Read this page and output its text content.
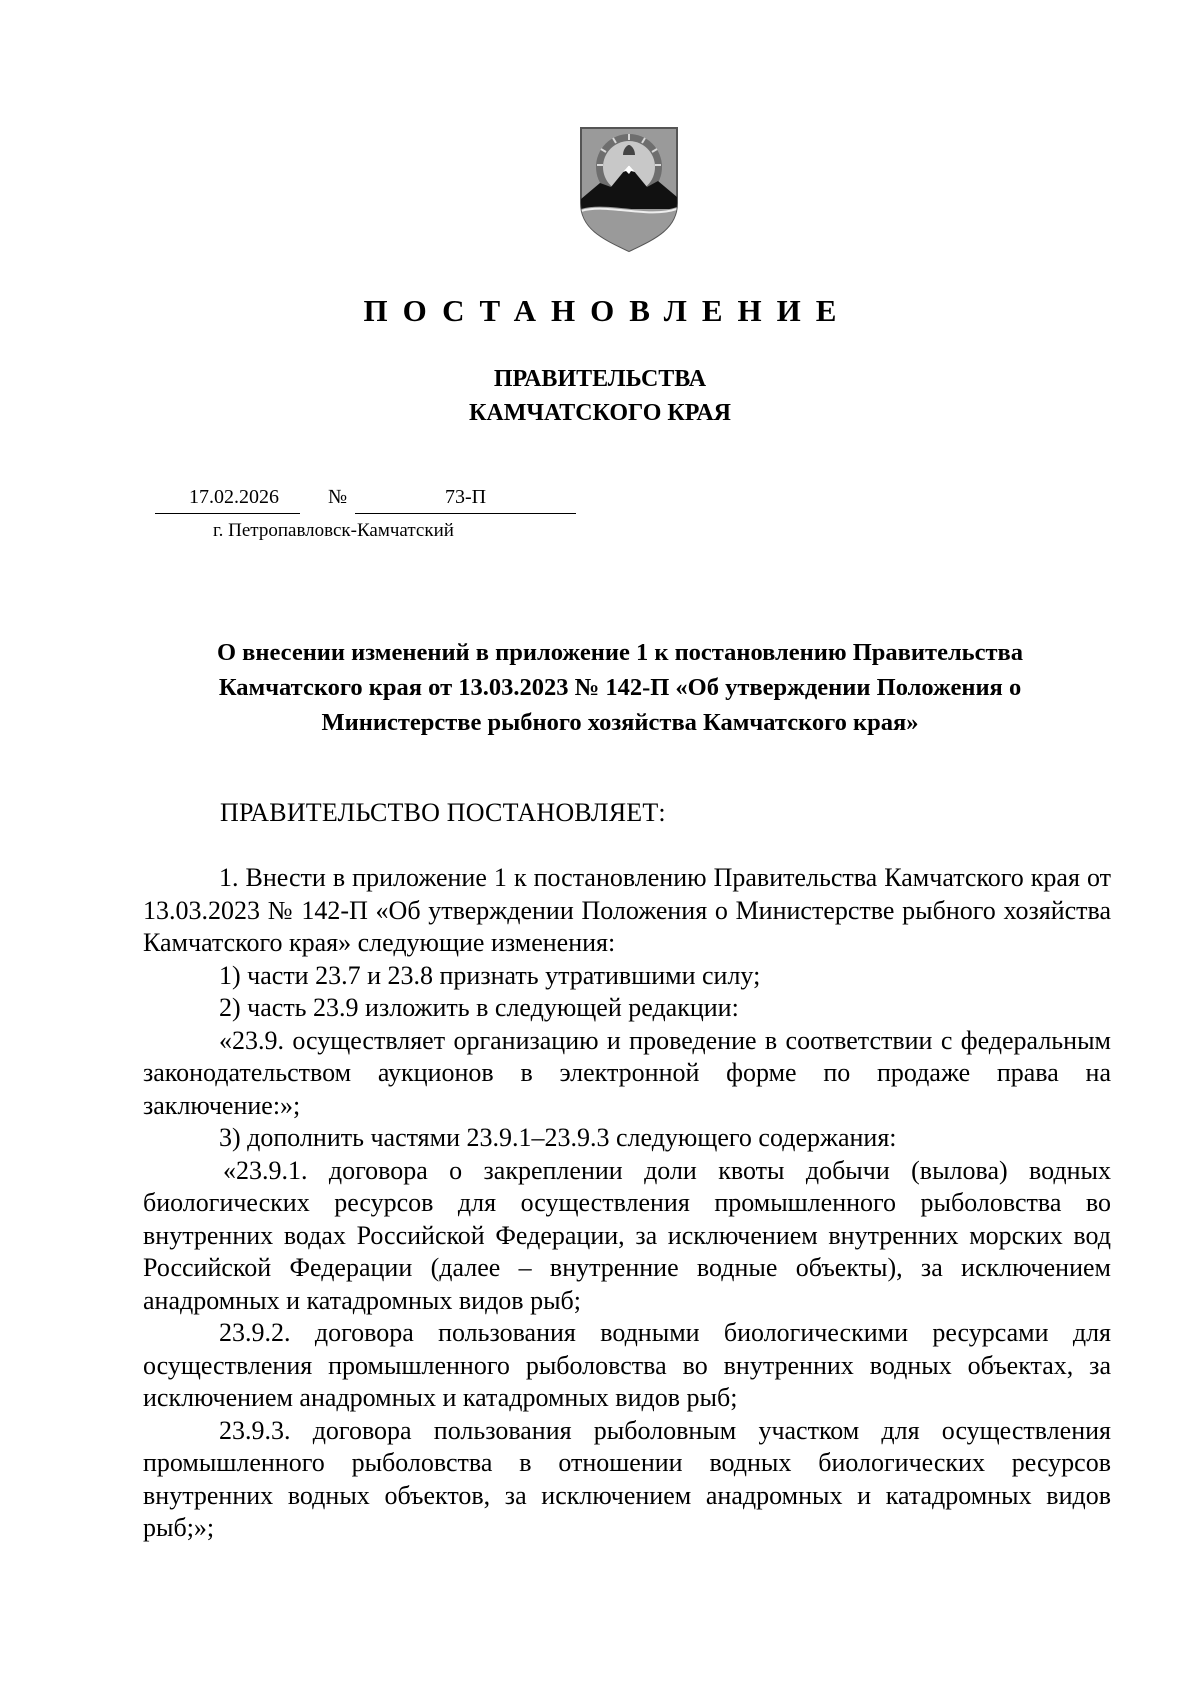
ПОСТАНОВЛЕНИЕ
ПРАВИТЕЛЬСТВА
КАМЧАТСКОГО КРАЯ
17.02.2026 №	73-П
г. Петропавловск-Камчатский
О внесении изменений в приложение 1 к постановлению Правительства
Камчатского края от 13.03.2023 № 142-П «Об утверждении Положения о
Министерстве рыбного хозяйства Камчатского края»
ПРАВИТЕЛЬСТВО ПОСТАНОВЛЯЕТ:

1. Внести в приложение 1 к постановлению Правительства Камчатского края от 13.03.2023 № 142-П «Об утверждении Положения о Министерстве рыбного хозяйства Камчатского края» следующие изменения:

1) части 23.7 и 23.8 признать утратившими силу;

2) часть 23.9 изложить в следующей редакции:

«23.9. осуществляет организацию и проведение в соответствии с федеральным законодательством аукционов в электронной форме по продаже права на заключение:»;

3) дополнить частями 23.9.1–23.9.3 следующего содержания:

«23.9.1. договора о закреплении доли квоты добычи (вылова) водных биологических ресурсов для осуществления промышленного рыболовства во внутренних водах Российской Федерации, за исключением внутренних морских вод Российской Федерации (далее – внутренние водные объекты), за исключением анадромных и катадромных видов рыб;

23.9.2. договора пользования водными биологическими ресурсами для осуществления промышленного рыболовства во внутренних водных объектах, за исключением анадромных и катадромных видов рыб;

23.9.3. договора пользования рыболовным участком для осуществления промышленного рыболовства в отношении водных биологических ресурсов внутренних водных объектов, за исключением анадромных и катадромных видов рыб;»;
